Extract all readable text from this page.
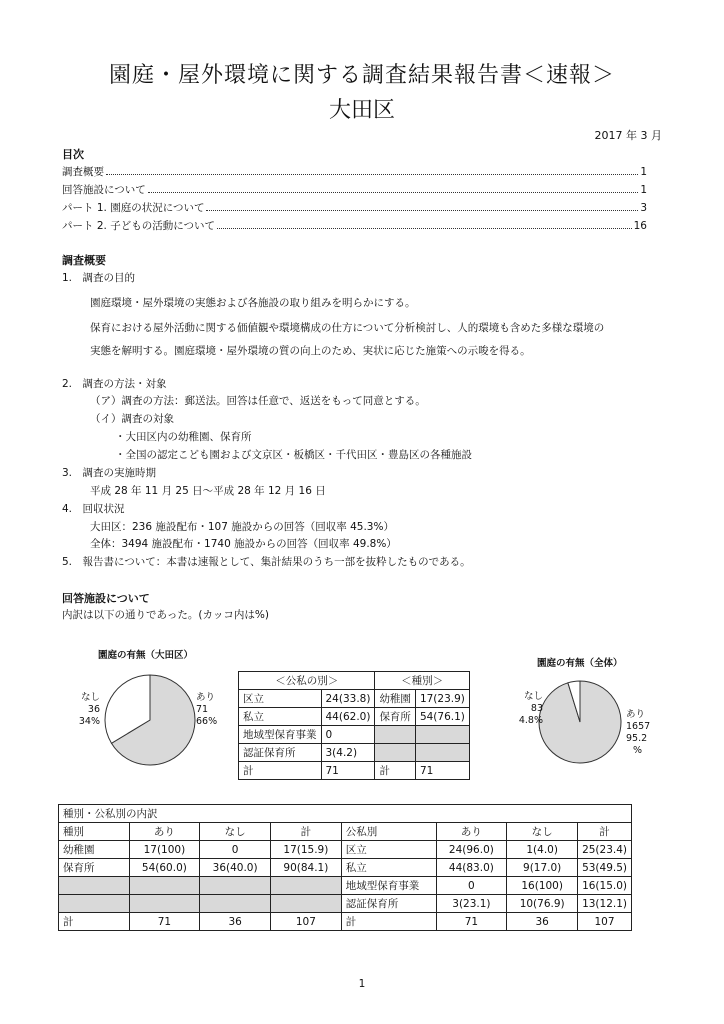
園庭・屋外環境に関する調査結果報告書＜速報＞
大田区
2017 年 3 月
目次
調査概要	1
回答施設について	1
パート 1. 園庭の状況について	3
パート 2. 子どもの活動について	16
調査概要
1.　調査の目的
園庭環境・屋外環境の実態および各施設の取り組みを明らかにする。
保育における屋外活動に関する価値観や環境構成の仕方について分析検討し、人的環境も含めた多様な環境の
実態を解明する。園庭環境・屋外環境の質の向上のため、実状に応じた施策への示唆を得る。
2.　調査の方法・対象
（ア）調査の方法：郵送法。回答は任意で、返送をもって同意とする。
（イ）調査の対象
・大田区内の幼稚園、保育所
・全国の認定こども園および文京区・板橋区・千代田区・豊島区の各種施設
3.　調査の実施時期
平成 28 年 11 月 25 日～平成 28 年 12 月 16 日
4.　回収状況
大田区：236 施設配布・107 施設からの回答（回収率 45.3%）
全体：3494 施設配布・1740 施設からの回答（回収率 49.8%）
5.　報告書について：本書は速報として、集計結果のうち一部を抜粋したものである。
回答施設について
内訳は以下の通りであった。(カッコ内は%)
園庭の有無（大田区）
なし
36
34%
あり
71
66%
＜公私の別＞		＜種別＞	
区立	24(33.8)	幼稚園	17(23.9)
私立	44(62.0)	保育所	54(76.1)
地域型保育事業	0		
認証保育所	3(4.2)		
計	71	計	71
園庭の有無（全体）
なし
83
4.8%
あり
1657
95.2
%
種別・公私別の内訳							
種別	あり	なし	計	公私別	あり	なし	計
幼稚園	17(100)	0	17(15.9)	区立	24(96.0)	1(4.0)	25(23.4)
保育所	54(60.0)	36(40.0)	90(84.1)	私立	44(83.0)	9(17.0)	53(49.5)
				地域型保育事業	0	16(100)	16(15.0)
				認証保育所	3(23.1)	10(76.9)	13(12.1)
計	71	36	107	計	71	36	107
1
